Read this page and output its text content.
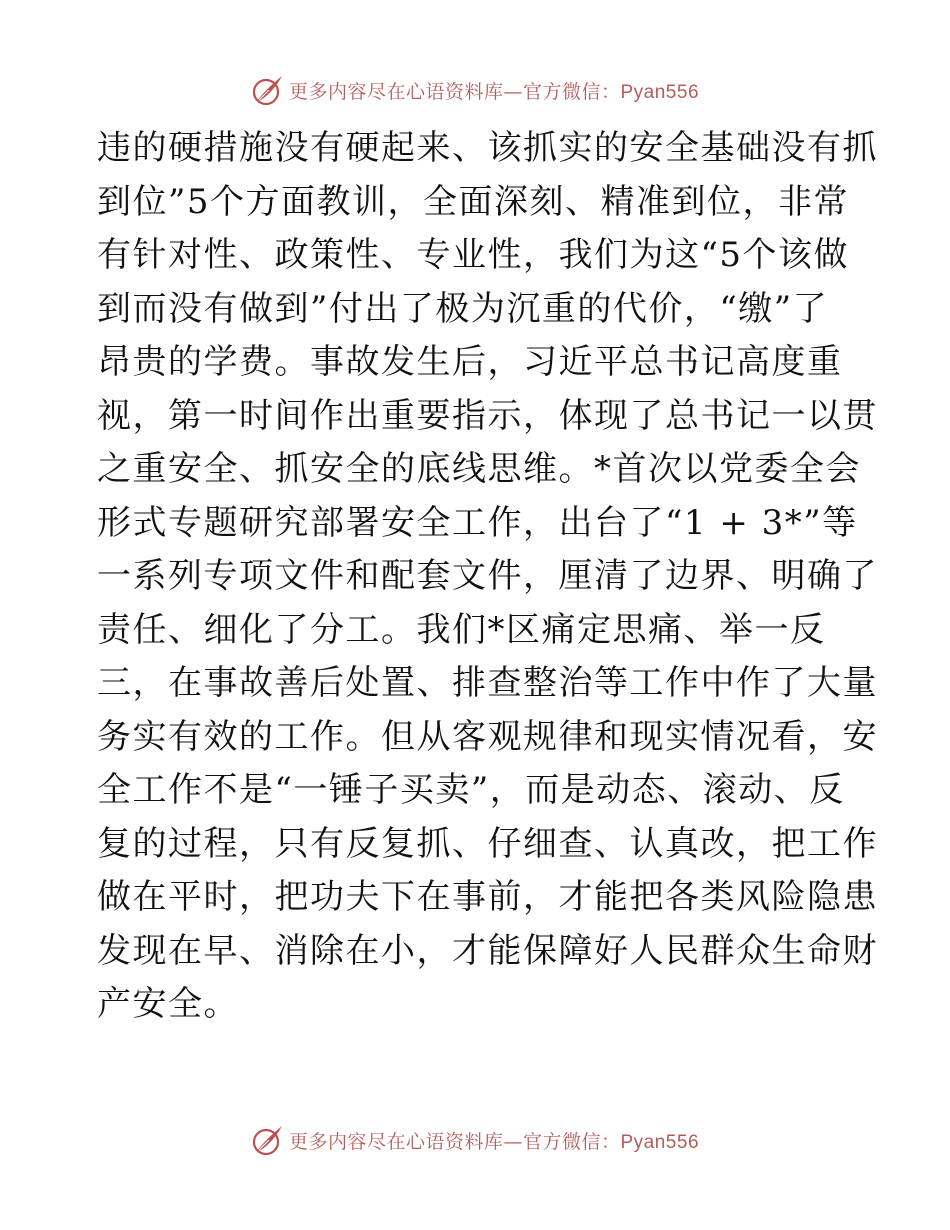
更多内容尽在心语资料库—官方微信：Pyan556
违的硬措施没有硬起来、该抓实的安全基础没有抓
到位”5个方面教训，全面深刻、精准到位，非常
有针对性、政策性、专业性，我们为这“5个该做
到而没有做到”付出了极为沉重的代价，“缴”了
昂贵的学费。事故发生后，习近平总书记高度重
视，第一时间作出重要指示，体现了总书记一以贯
之重安全、抓安全的底线思维。*首次以党委全会
形式专题研究部署安全工作，出台了“1 + 3*”等
一系列专项文件和配套文件，厘清了边界、明确了
责任、细化了分工。我们*区痛定思痛、举一反
三，在事故善后处置、排查整治等工作中作了大量
务实有效的工作。但从客观规律和现实情况看，安
全工作不是“一锤子买卖”，而是动态、滚动、反
复的过程，只有反复抓、仔细查、认真改，把工作
做在平时，把功夫下在事前，才能把各类风险隐患
发现在早、消除在小，才能保障好人民群众生命财
产安全。
更多内容尽在心语资料库—官方微信：Pyan556
